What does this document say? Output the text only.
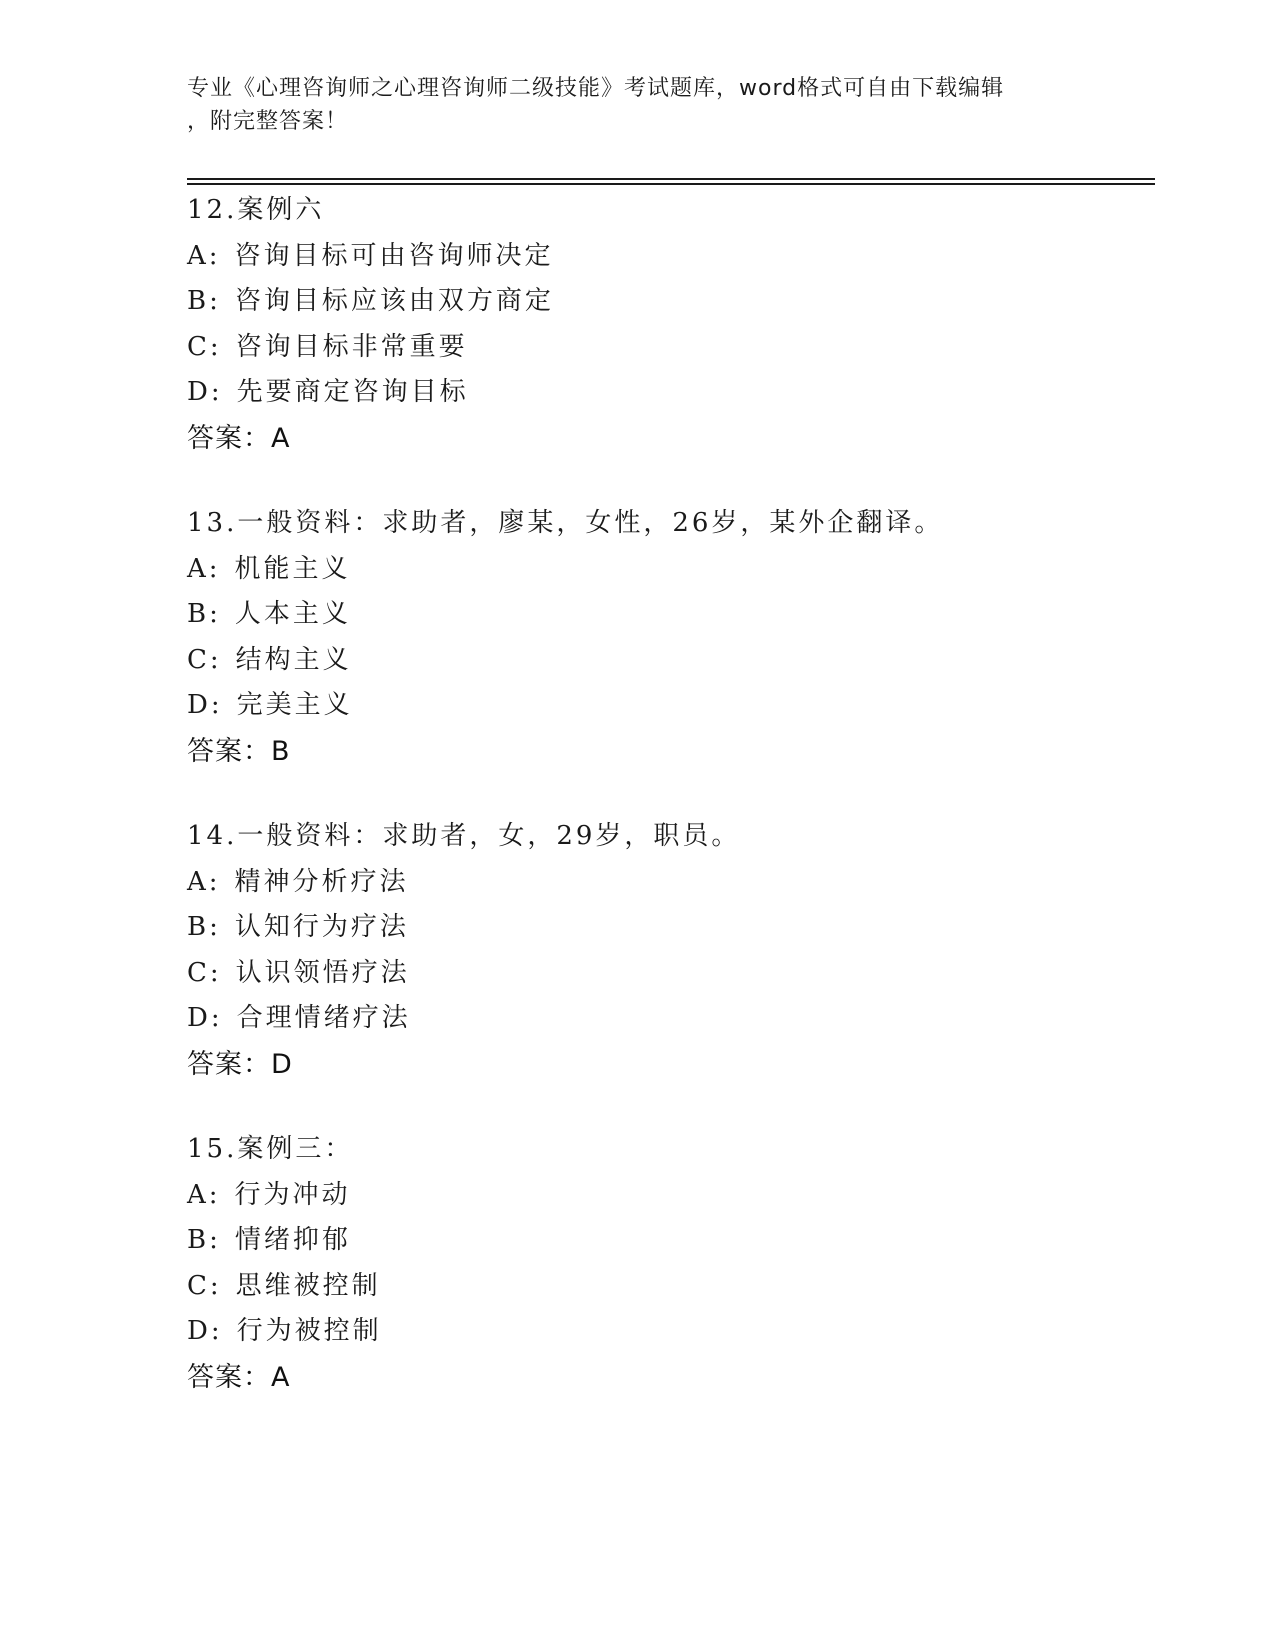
专业《心理咨询师之心理咨询师二级技能》考试题库，word格式可自由下载编辑

，附完整答案！

12.案例六
A: 咨询目标可由咨询师决定
B: 咨询目标应该由双方商定
C: 咨询目标非常重要
D: 先要商定咨询目标
答案：A
13.一般资料：求助者，廖某，女性，26岁，某外企翻译。
A: 机能主义
B: 人本主义
C: 结构主义
D: 完美主义
答案：B
14.一般资料：求助者，女，29岁，职员。
A: 精神分析疗法
B: 认知行为疗法
C: 认识领悟疗法
D: 合理情绪疗法
答案：D
15.案例三：
A: 行为冲动
B: 情绪抑郁
C: 思维被控制
D: 行为被控制
答案：A
